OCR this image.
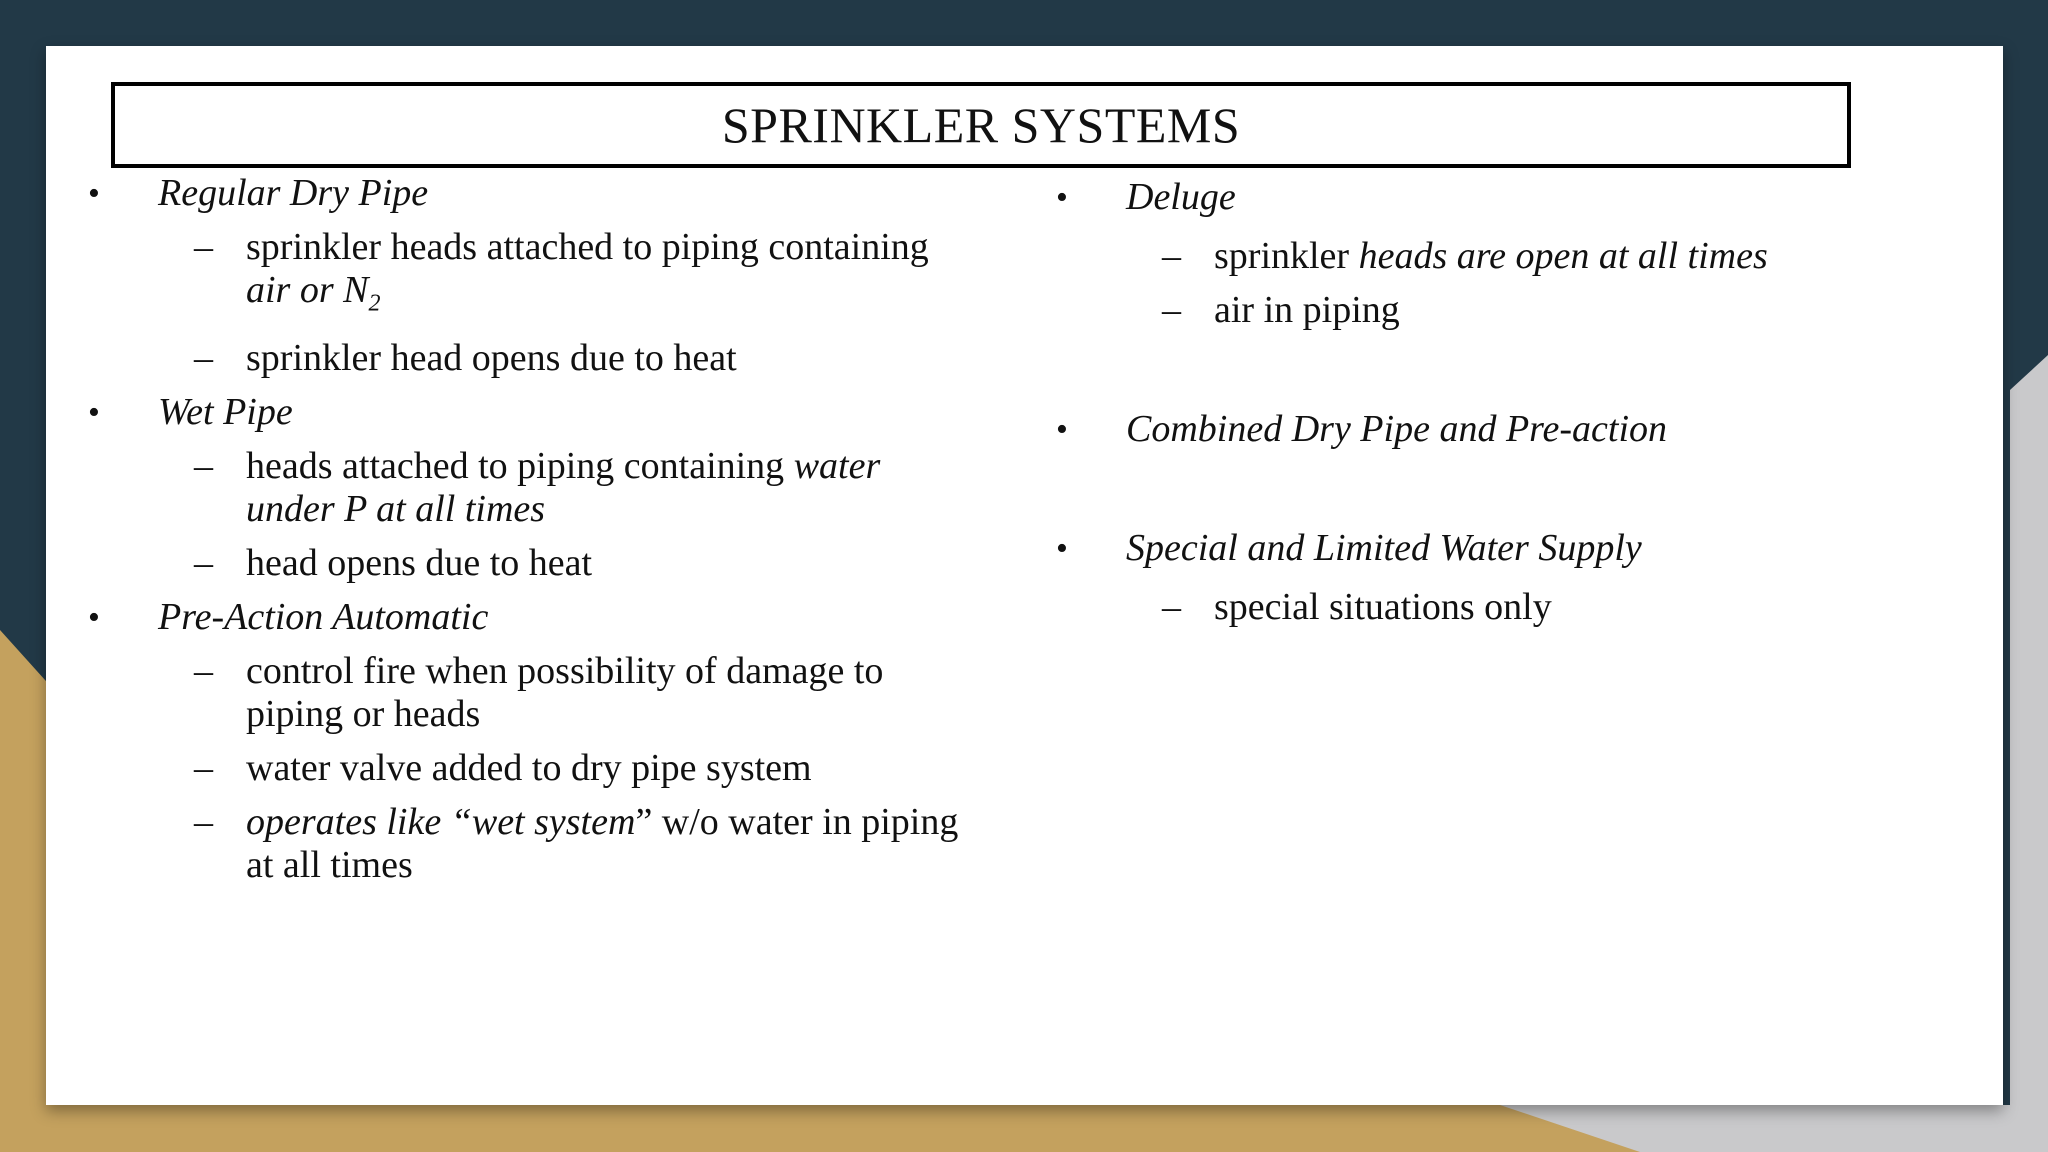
SPRINKLER SYSTEMS
• Regular Dry Pipe
– sprinkler heads attached to piping containing
air or $N_2$
– sprinkler head opens due to heat
• Wet Pipe
– heads attached to piping containing water
under P at all times
– head opens due to heat
• Pre-Action Automatic
– control fire when possibility of damage to
piping or heads
– water valve added to dry pipe system
– operates like “wet system” w/o water in piping
at all times
• Deluge
– sprinkler heads are open at all times
– air in piping
• Combined Dry Pipe and Pre-action
• Special and Limited Water Supply
– special situations only
